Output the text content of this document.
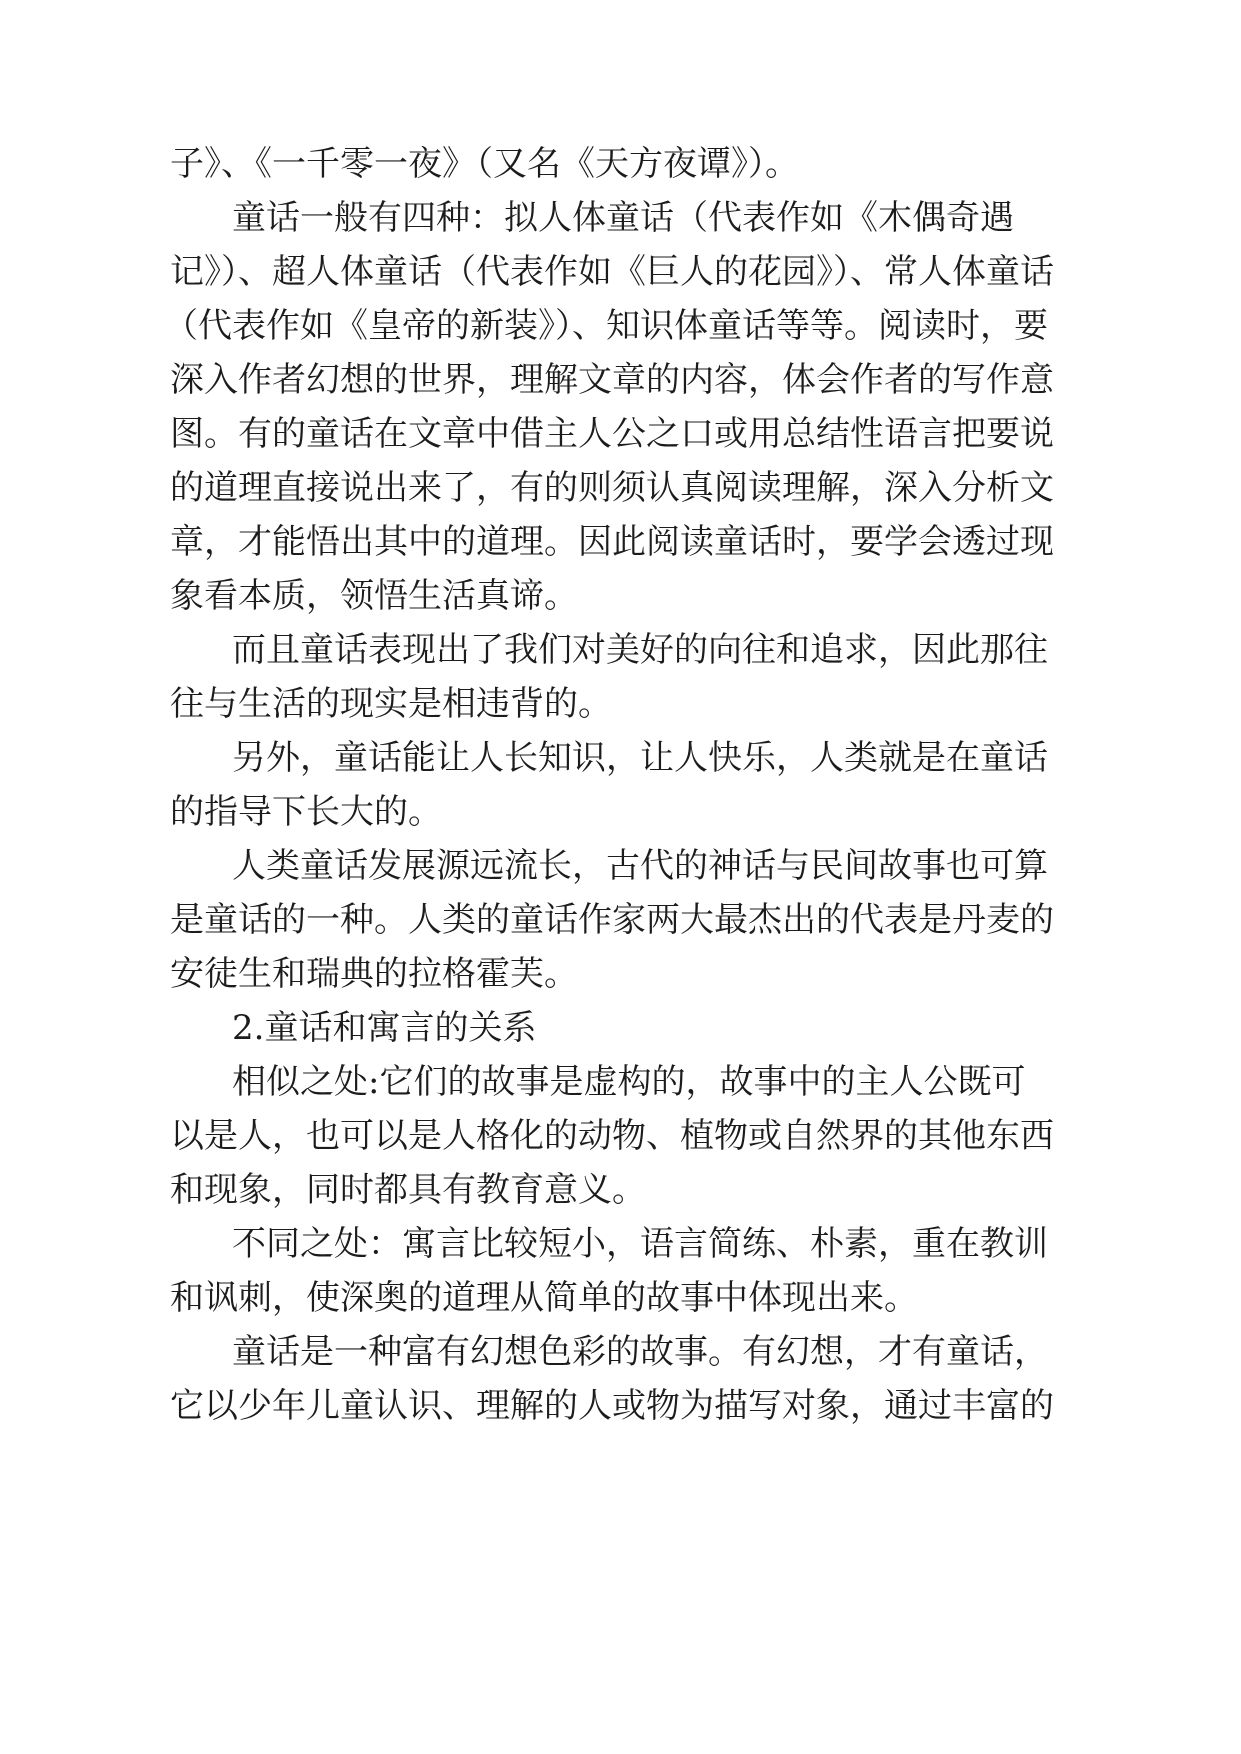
子》、《一千零一夜》（又名《天方夜谭》）。

童话一般有四种：拟人体童话（代表作如《木偶奇遇

记》）、超人体童话（代表作如《巨人的花园》）、常人体童话

（代表作如《皇帝的新装》）、知识体童话等等。阅读时，要

深入作者幻想的世界，理解文章的内容，体会作者的写作意

图。有的童话在文章中借主人公之口或用总结性语言把要说

的道理直接说出来了，有的则须认真阅读理解，深入分析文

章，才能悟出其中的道理。因此阅读童话时，要学会透过现

象看本质，领悟生活真谛。

而且童话表现出了我们对美好的向往和追求，因此那往

往与生活的现实是相违背的。

另外，童话能让人长知识，让人快乐，人类就是在童话

的指导下长大的。

人类童话发展源远流长，古代的神话与民间故事也可算

是童话的一种。人类的童话作家两大最杰出的代表是丹麦的

安徒生和瑞典的拉格霍芙。

2.童话和寓言的关系

相似之处:它们的故事是虚构的，故事中的主人公既可

以是人，也可以是人格化的动物、植物或自然界的其他东西

和现象，同时都具有教育意义。

不同之处：寓言比较短小，语言简练、朴素，重在教训

和讽刺，使深奥的道理从简单的故事中体现出来。

童话是一种富有幻想色彩的故事。有幻想，才有童话，

它以少年儿童认识、理解的人或物为描写对象，通过丰富的
